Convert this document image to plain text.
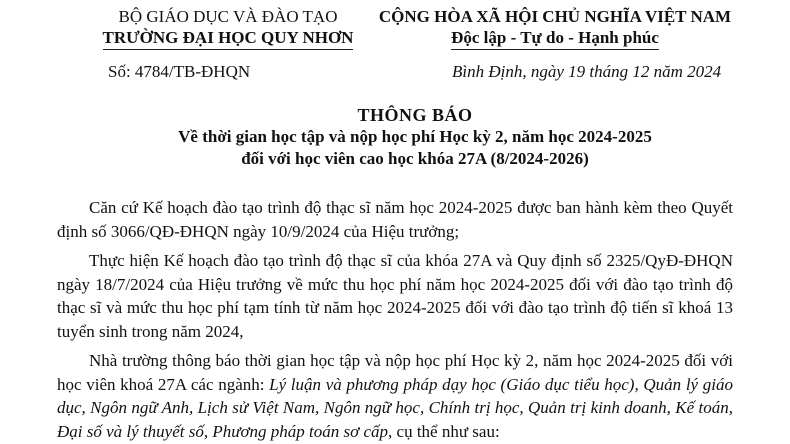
BỘ GIÁO DỤC VÀ ĐÀO TẠO
TRƯỜNG ĐẠI HỌC QUY NHƠN
CỘNG HÒA XÃ HỘI CHỦ NGHĨA VIỆT NAM
Độc lập - Tự do - Hạnh phúc
Số: 4784/TB-ĐHQN	Bình Định, ngày 19 tháng 12 năm 2024
THÔNG BÁO
Về thời gian học tập và nộp học phí Học kỳ 2, năm học 2024-2025
đối với học viên cao học khóa 27A (8/2024-2026)

Căn cứ Kế hoạch đào tạo trình độ thạc sĩ năm học 2024-2025 được ban hành kèm theo Quyết định số 3066/QĐ-ĐHQN ngày 10/9/2024 của Hiệu trưởng;

Thực hiện Kế hoạch đào tạo trình độ thạc sĩ của khóa 27A và Quy định số 2325/QyĐ-ĐHQN ngày 18/7/2024 của Hiệu trưởng về mức thu học phí năm học 2024-2025 đối với đào tạo trình độ thạc sĩ và mức thu học phí tạm tính từ năm học 2024-2025 đối với đào tạo trình độ tiến sĩ khoá 13 tuyển sinh trong năm 2024,

Nhà trường thông báo thời gian học tập và nộp học phí Học kỳ 2, năm học 2024-2025 đối với học viên khoá 27A các ngành: Lý luận và phương pháp dạy học (Giáo dục tiểu học), Quản lý giáo dục, Ngôn ngữ Anh, Lịch sử Việt Nam, Ngôn ngữ học, Chính trị học, Quản trị kinh doanh, Kế toán, Đại số và lý thuyết số, Phương pháp toán sơ cấp, cụ thể như sau:
